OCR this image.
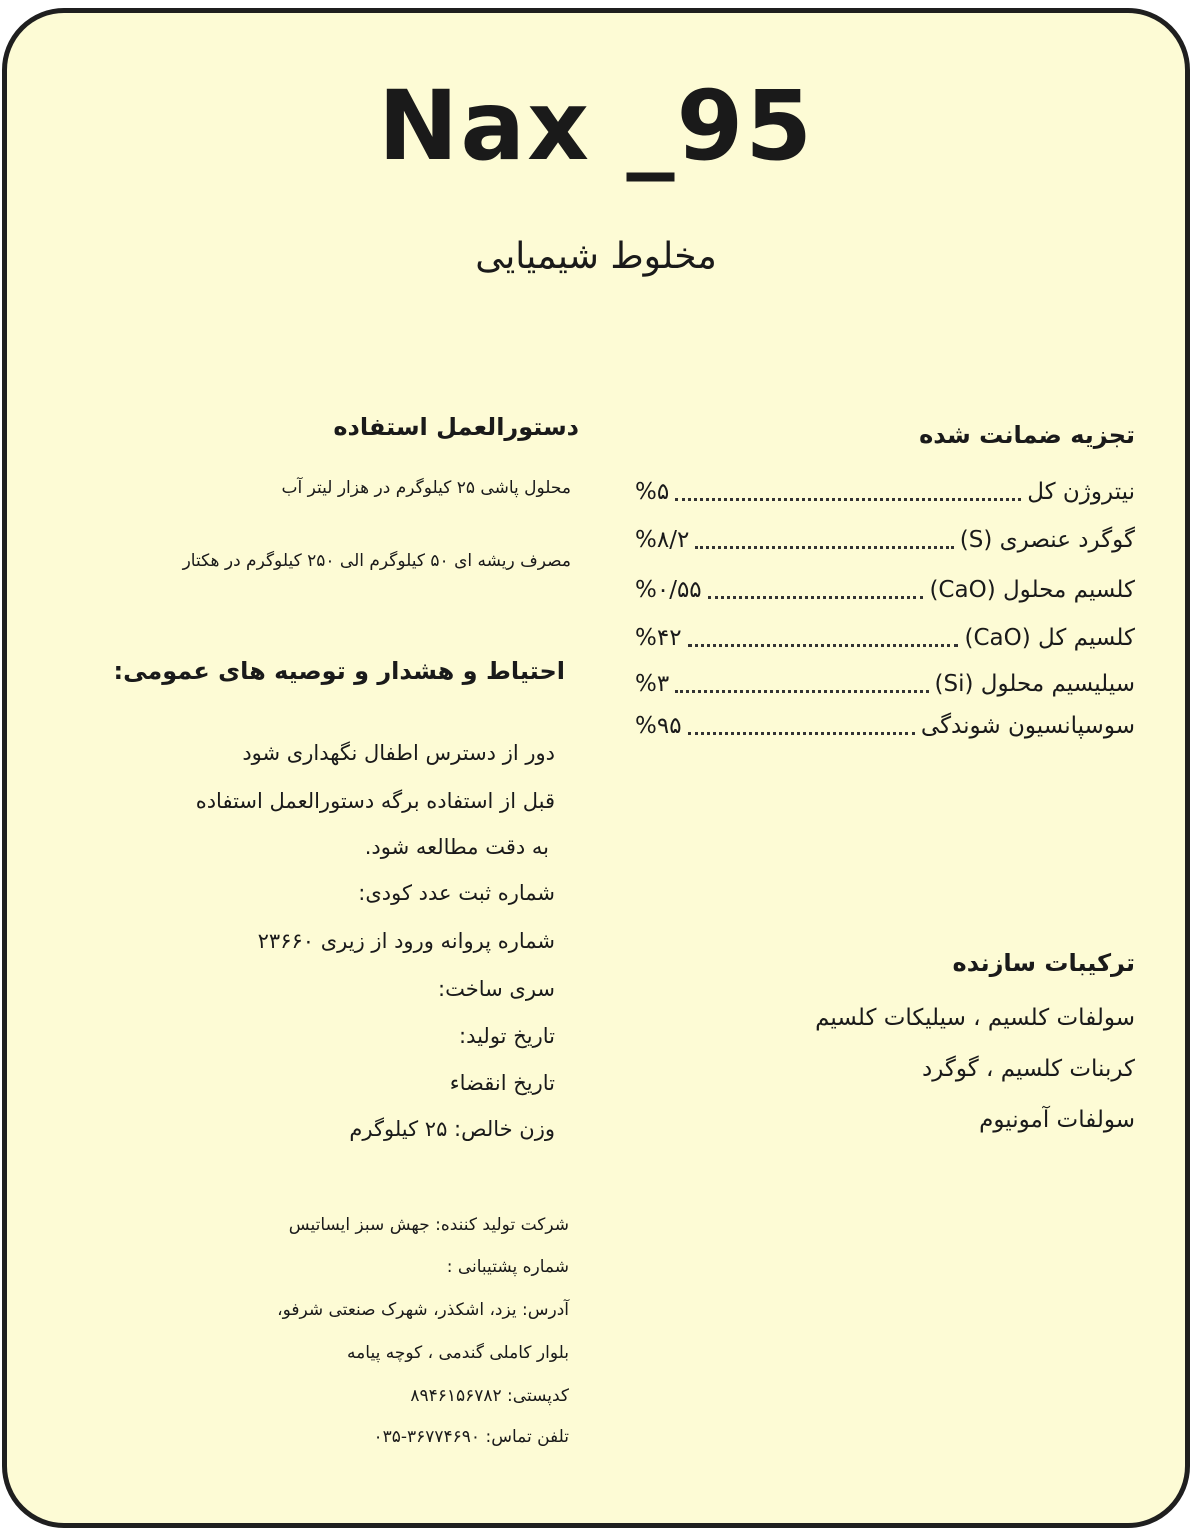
Nax _95
مخلوط شیمیایی
تجزیه ضمانت شده
نیتروژن کل
%۵
گوگرد عنصری (S)
%۸/۲
کلسیم محلول (CaO)
%۰/۵۵
کلسیم کل (CaO)
%۴۲
سیلیسیم محلول (Si)
%۳
سوسپانسیون شوندگی
%۹۵
ترکیبات سازنده
سولفات کلسیم ، سیلیکات کلسیم
کربنات کلسیم ، گوگرد
سولفات آمونیوم
دستورالعمل استفاده
محلول پاشی ۲۵ کیلوگرم در هزار لیتر آب
مصرف ریشه ای ۵۰ کیلوگرم الی ۲۵۰ کیلوگرم در هکتار
احتیاط و هشدار و توصیه های عمومی:
دور از دسترس اطفال نگهداری شود
قبل از استفاده برگه دستورالعمل استفاده
به دقت مطالعه شود.
شماره ثبت عدد کودی:
شماره پروانه ورود از زیری ۲۳۶۶۰
سری ساخت:
تاریخ تولید:
تاریخ انقضاء
وزن خالص: ۲۵ کیلوگرم
شرکت تولید کننده: جهش سبز ایساتیس
شماره پشتیبانی :
آدرس: یزد، اشکذر، شهرک صنعتی شرفو،
بلوار کاملی گندمی ، کوچه پیامه
کدپستی: ۸۹۴۶۱۵۶۷۸۲
تلفن تماس: ۳۶۷۷۴۶۹۰-۰۳۵
